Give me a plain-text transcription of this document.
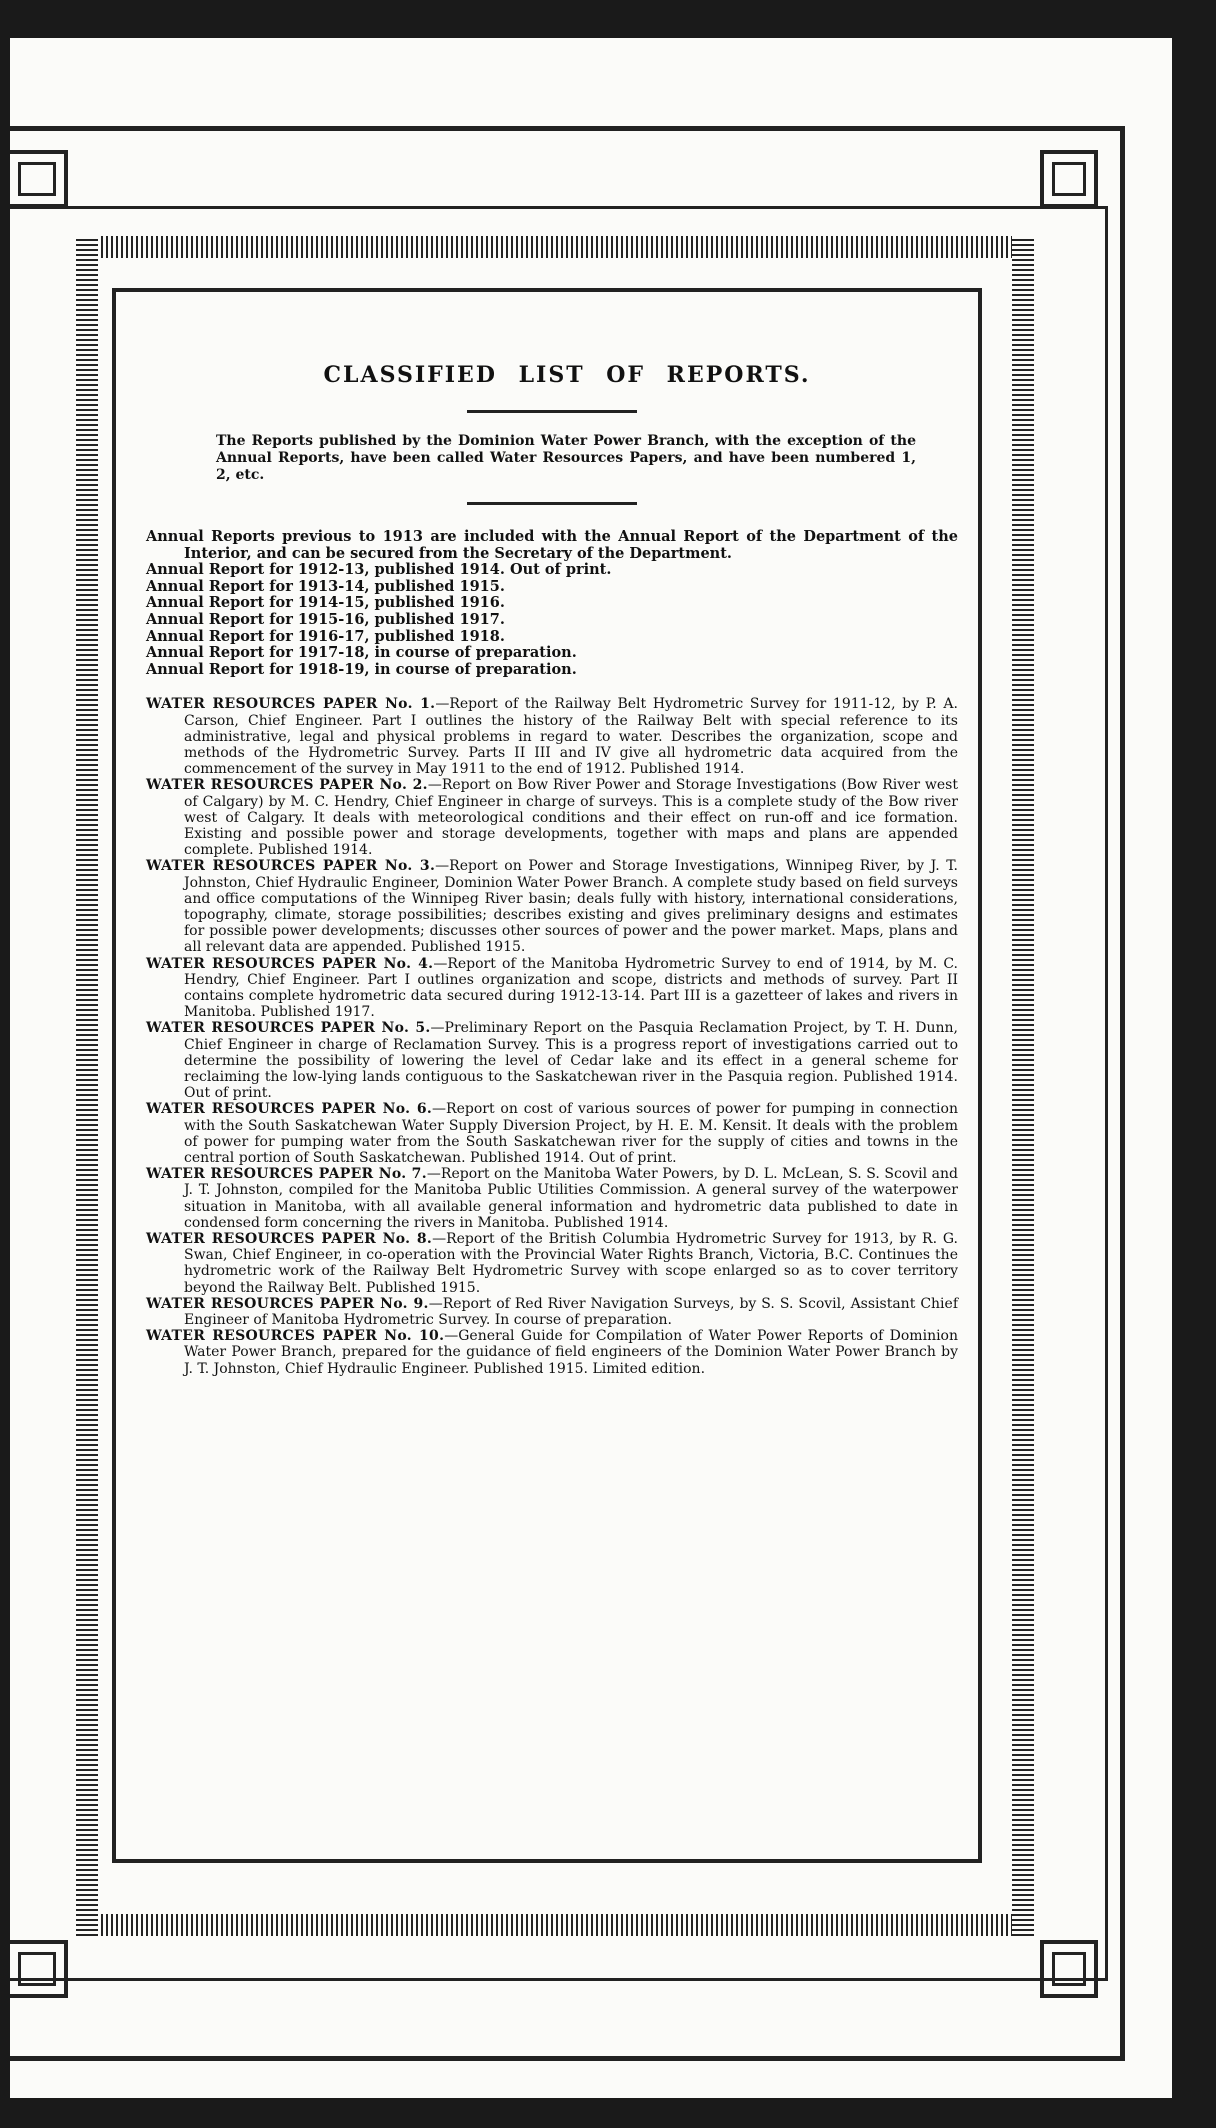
CLASSIFIED LIST OF REPORTS.

The Reports published by the Dominion Water Power Branch, with the exception of the Annual Reports, have been called Water Resources Papers, and have been numbered 1, 2, etc.

Annual Reports previous to 1913 are included with the Annual Report of the Department of the Interior, and can be secured from the Secretary of the Department.
Annual Report for 1912-13, published 1914. Out of print.
Annual Report for 1913-14, published 1915.
Annual Report for 1914-15, published 1916.
Annual Report for 1915-16, published 1917.
Annual Report for 1916-17, published 1918.
Annual Report for 1917-18, in course of preparation.
Annual Report for 1918-19, in course of preparation.

WATER RESOURCES PAPER No. 1.—Report of the Railway Belt Hydrometric Survey for 1911-12, by P. A. Carson, Chief Engineer. Part I outlines the history of the Railway Belt with special reference to its administrative, legal and physical problems in regard to water. Describes the organization, scope and methods of the Hydrometric Survey. Parts II III and IV give all hydrometric data acquired from the commencement of the survey in May 1911 to the end of 1912. Published 1914.

WATER RESOURCES PAPER No. 2.—Report on Bow River Power and Storage Investigations (Bow River west of Calgary) by M. C. Hendry, Chief Engineer in charge of surveys. This is a complete study of the Bow river west of Calgary. It deals with meteorological conditions and their effect on run-off and ice formation. Existing and possible power and storage developments, together with maps and plans are appended complete. Published 1914.

WATER RESOURCES PAPER No. 3.—Report on Power and Storage Investigations, Winnipeg River, by J. T. Johnston, Chief Hydraulic Engineer, Dominion Water Power Branch. A complete study based on field surveys and office computations of the Winnipeg River basin; deals fully with history, international considerations, topography, climate, storage possibilities; describes existing and gives preliminary designs and estimates for possible power developments; discusses other sources of power and the power market. Maps, plans and all relevant data are appended. Published 1915.

WATER RESOURCES PAPER No. 4.—Report of the Manitoba Hydrometric Survey to end of 1914, by M. C. Hendry, Chief Engineer. Part I outlines organization and scope, districts and methods of survey. Part II contains complete hydrometric data secured during 1912-13-14. Part III is a gazetteer of lakes and rivers in Manitoba. Published 1917.

WATER RESOURCES PAPER No. 5.—Preliminary Report on the Pasquia Reclamation Project, by T. H. Dunn, Chief Engineer in charge of Reclamation Survey. This is a progress report of investigations carried out to determine the possibility of lowering the level of Cedar lake and its effect in a general scheme for reclaiming the low-lying lands contiguous to the Saskatchewan river in the Pasquia region. Published 1914. Out of print.

WATER RESOURCES PAPER No. 6.—Report on cost of various sources of power for pumping in connection with the South Saskatchewan Water Supply Diversion Project, by H. E. M. Kensit. It deals with the problem of power for pumping water from the South Saskatchewan river for the supply of cities and towns in the central portion of South Saskatchewan. Published 1914. Out of print.

WATER RESOURCES PAPER No. 7.—Report on the Manitoba Water Powers, by D. L. McLean, S. S. Scovil and J. T. Johnston, compiled for the Manitoba Public Utilities Commission. A general survey of the waterpower situation in Manitoba, with all available general information and hydrometric data published to date in condensed form concerning the rivers in Manitoba. Published 1914.

WATER RESOURCES PAPER No. 8.—Report of the British Columbia Hydrometric Survey for 1913, by R. G. Swan, Chief Engineer, in co-operation with the Provincial Water Rights Branch, Victoria, B.C. Continues the hydrometric work of the Railway Belt Hydrometric Survey with scope enlarged so as to cover territory beyond the Railway Belt. Published 1915.

WATER RESOURCES PAPER No. 9.—Report of Red River Navigation Surveys, by S. S. Scovil, Assistant Chief Engineer of Manitoba Hydrometric Survey. In course of preparation.

WATER RESOURCES PAPER No. 10.—General Guide for Compilation of Water Power Reports of Dominion Water Power Branch, prepared for the guidance of field engineers of the Dominion Water Power Branch by J. T. Johnston, Chief Hydraulic Engineer. Published 1915. Limited edition.
